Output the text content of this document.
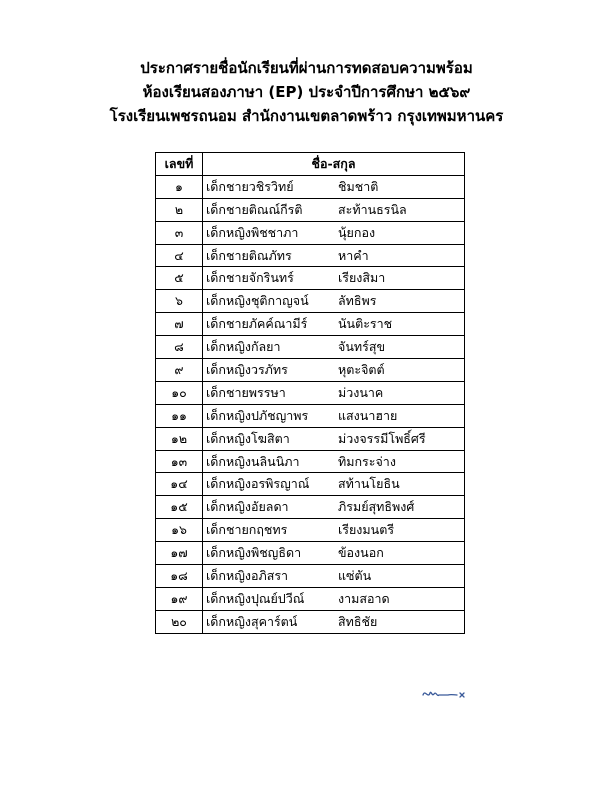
ประกาศรายชื่อนักเรียนที่ผ่านการทดสอบความพร้อม
ห้องเรียนสองภาษา (EP) ประจำปีการศึกษา ๒๕๖๙
โรงเรียนเพชรถนอม สำนักงานเขตลาดพร้าว กรุงเทพมหานคร
เลขที่	ชื่อ-สกุล
๑	เด็กชายวชิรวิทย์ ชิมชาติ
๒	เด็กชายติณณ์กีรติ สะท้านธรนิล
๓	เด็กหญิงพิชชาภา นุ้ยกอง
๔	เด็กชายติณภัทร หาคำ
๕	เด็กชายจักรินทร์ เรียงสิมา
๖	เด็กหญิงชุติกาญจน์ ลัทธิพร
๗	เด็กชายภัคค์ณามีร์ นันติะราช
๘	เด็กหญิงกัลยา จันทร์สุข
๙	เด็กหญิงวรภัทร หุตะจิตต์
๑๐	เด็กชายพรรษา ม่วงนาค
๑๑	เด็กหญิงปภัชญาพร แสงนาฮาย
๑๒	เด็กหญิงโฆสิตา ม่วงจรรมีโพธิ์ศรี
๑๓	เด็กหญิงนลินนิภา ทิมกระจ่าง
๑๔	เด็กหญิงอรพิรญาณ์ สท้านโยธิน
๑๕	เด็กหญิงอัยลดา ภิรมย์สุทธิพงศ์
๑๖	เด็กชายกฤชทร เรียงมนตรี
๑๗	เด็กหญิงพิชญธิดา ข้องนอก
๑๘	เด็กหญิงอภิสรา แซ่ตัน
๑๙	เด็กหญิงปุณย์ปวีณ์ งามสอาด
๒๐	เด็กหญิงสุคาร์ตน์ สิทธิชัย
